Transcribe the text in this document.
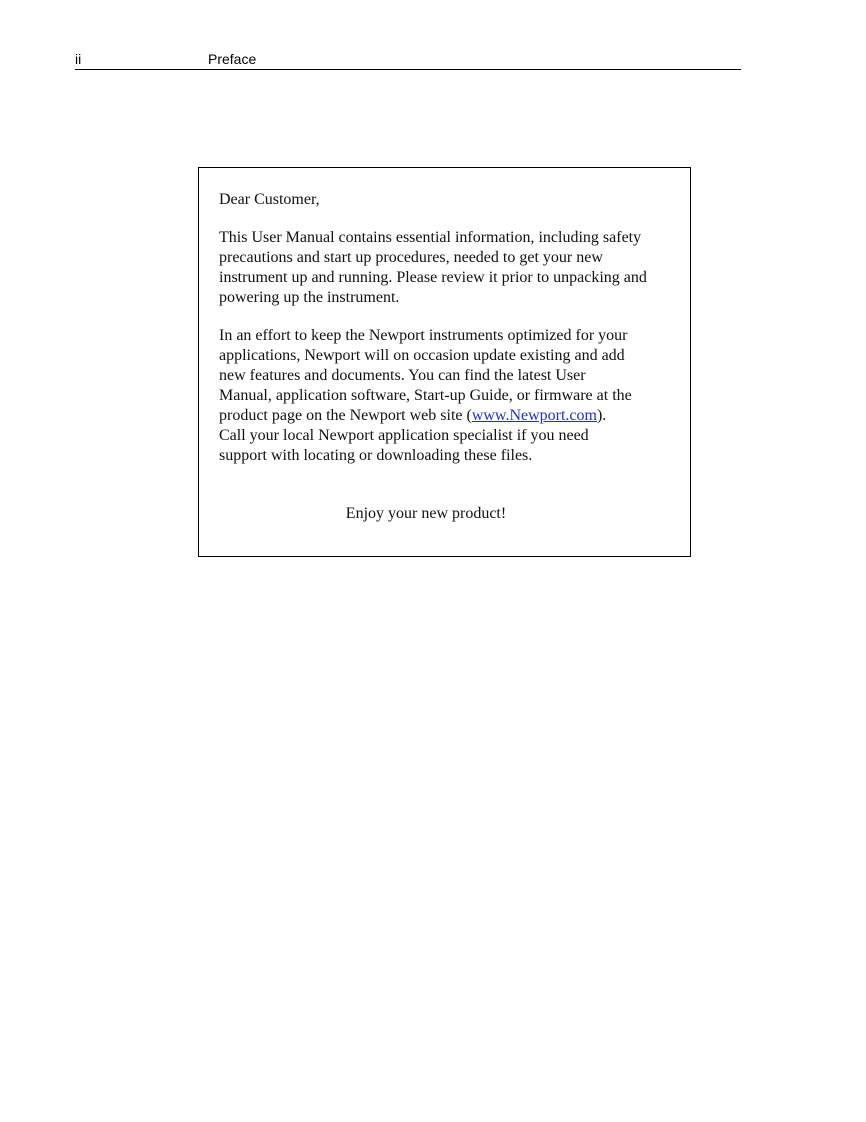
ii	Preface

Dear Customer,

This User Manual contains essential information, including safety
precautions and start up procedures, needed to get your new
instrument up and running. Please review it prior to unpacking and
powering up the instrument.

In an effort to keep the Newport instruments optimized for your
applications, Newport will on occasion update existing and add
new features and documents. You can find the latest User
Manual, application software, Start-up Guide, or firmware at the
product page on the Newport web site (www.Newport.com).
Call your local Newport application specialist if you need
support with locating or downloading these files.

Enjoy your new product!
